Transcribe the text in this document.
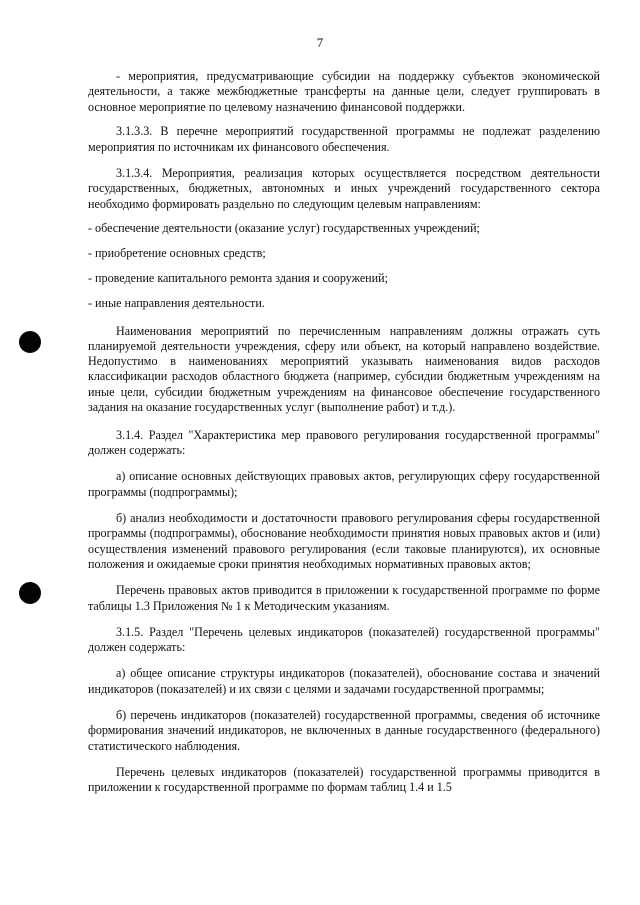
7

- мероприятия, предусматривающие субсидии на поддержку субъектов экономической деятельности, а также межбюджетные трансферты на данные цели, следует группировать в основное мероприятие по целевому назначению финансовой поддержки.

3.1.3.3. В перечне мероприятий государственной программы не подлежат разделению мероприятия по источникам их финансового обеспечения.

3.1.3.4. Мероприятия, реализация которых осуществляется посредством деятельности государственных, бюджетных, автономных и иных учреждений государственного сектора необходимо формировать раздельно по следующим целевым направлениям:

- обеспечение деятельности (оказание услуг) государственных учреждений;

- приобретение основных средств;

- проведение капитального ремонта здания и сооружений;

- иные направления деятельности.

Наименования мероприятий по перечисленным направлениям должны отражать суть планируемой деятельности учреждения, сферу или объект, на который направлено воздействие. Недопустимо в наименованиях мероприятий указывать наименования видов расходов классификации расходов областного бюджета (например, субсидии бюджетным учреждениям на иные цели, субсидии бюджетным учреждениям на финансовое обеспечение государственного задания на оказание государственных услуг (выполнение работ) и т.д.).

3.1.4. Раздел "Характеристика мер правового регулирования государственной программы" должен содержать:

а) описание основных действующих правовых актов, регулирующих сферу государственной программы (подпрограммы);

б) анализ необходимости и достаточности правового регулирования сферы государственной программы (подпрограммы), обоснование необходимости принятия новых правовых актов и (или) осуществления изменений правового регулирования (если таковые планируются), их основные положения и ожидаемые сроки принятия необходимых нормативных правовых актов;

Перечень правовых актов приводится в приложении к государственной программе по форме таблицы 1.3 Приложения № 1 к Методическим указаниям.

3.1.5. Раздел "Перечень целевых индикаторов (показателей) государственной программы" должен содержать:

а) общее описание структуры индикаторов (показателей), обоснование состава и значений индикаторов (показателей) и их связи с целями и задачами государственной программы;

б) перечень индикаторов (показателей) государственной программы, сведения об источнике формирования значений индикаторов, не включенных в данные государственного (федерального) статистического наблюдения.

Перечень целевых индикаторов (показателей) государственной программы приводится в приложении к государственной программе по формам таблиц 1.4 и 1.5
